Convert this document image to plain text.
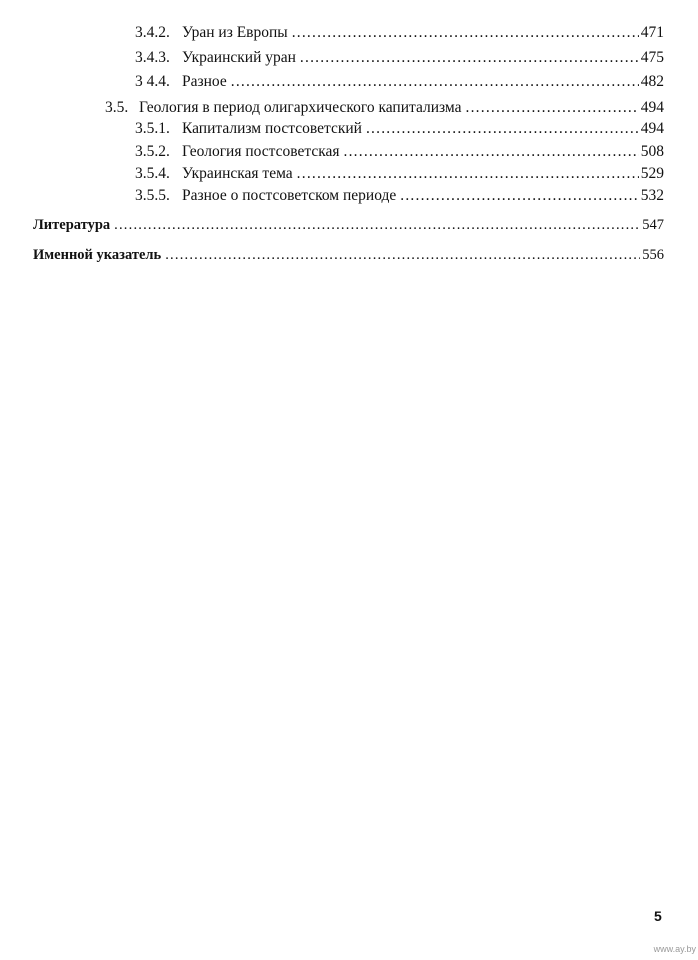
3.4.2. Уран из Европы .....	471
3.4.3. Украинский уран .....	475
3 4.4. Разное .....	482
3.5. Геология в период олигархического капитализма .....	494
3.5.1. Капитализм постсоветский .....	494
3.5.2. Геология постсоветская .....	508
3.5.4. Украинская тема .....	529
3.5.5. Разное о постсоветском периоде .....	532
Литература .....	547
Именной указатель .....	556
5
www.ay.by
